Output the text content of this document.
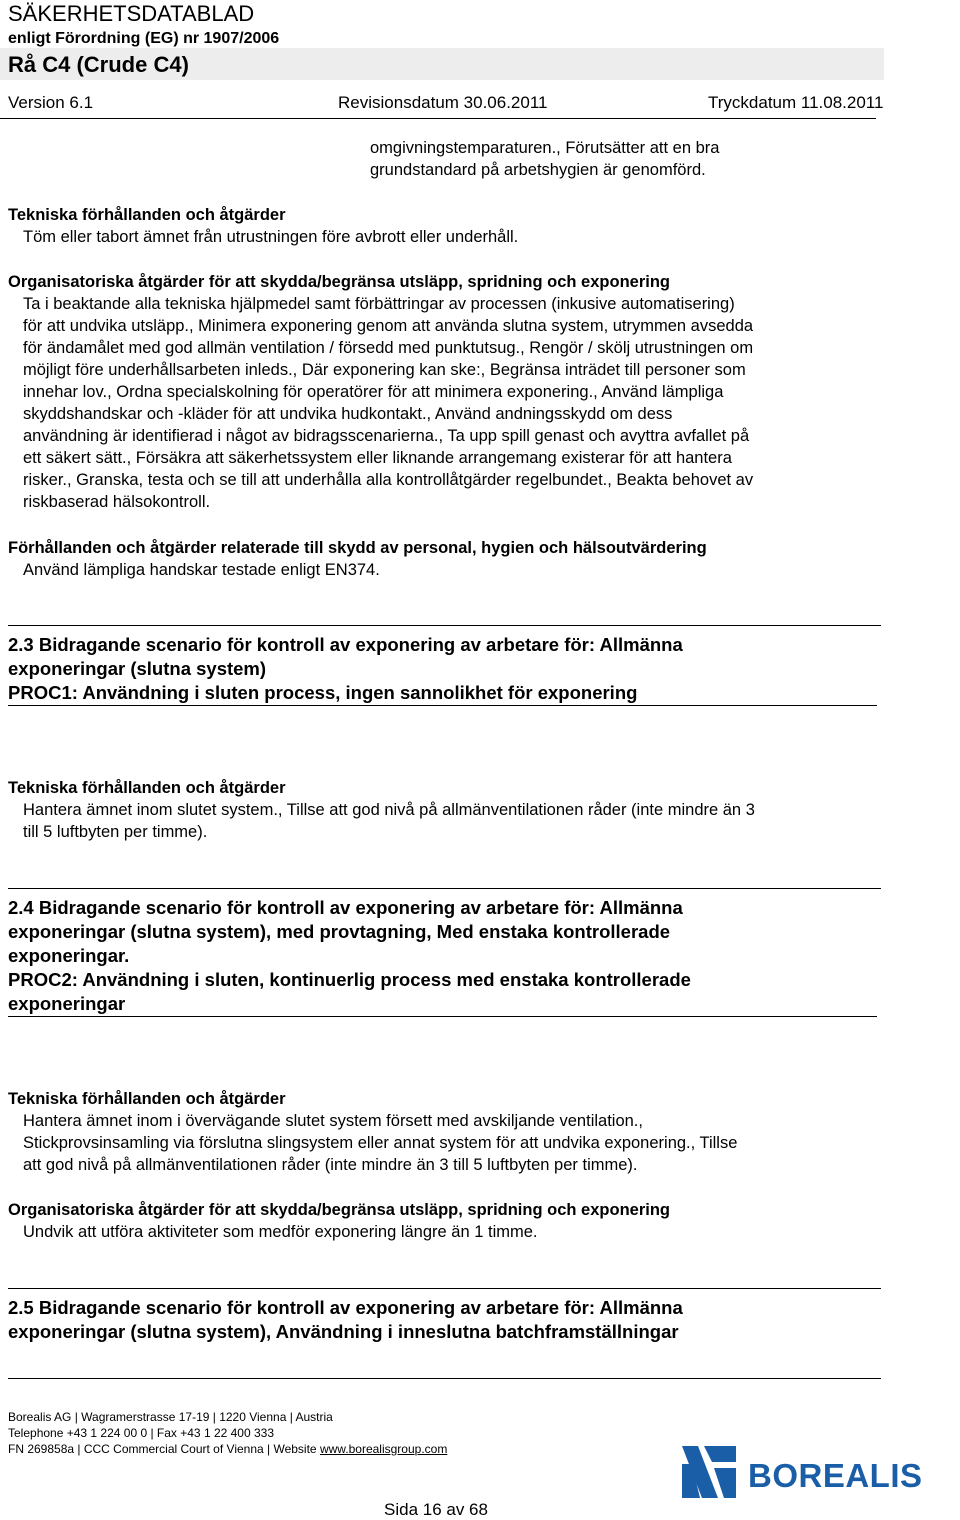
SÄKERHETSDATABLAD
enligt Förordning (EG) nr 1907/2006
Rå C4 (Crude C4)
Version 6.1	Revisionsdatum 30.06.2011	Tryckdatum 11.08.2011
omgivningstemparaturen., Förutsätter att en bra
grundstandard på arbetshygien är genomförd.
Tekniska förhållanden och åtgärder
Töm eller tabort ämnet från utrustningen före avbrott eller underhåll.
Organisatoriska åtgärder för att skydda/begränsa utsläpp, spridning och exponering
Ta i beaktande alla tekniska hjälpmedel samt förbättringar av processen (inkusive automatisering)
för att undvika utsläpp., Minimera exponering genom att använda slutna system, utrymmen avsedda
för ändamålet med god allmän ventilation / försedd med punktutsug., Rengör / skölj utrustningen om
möjligt före underhållsarbeten inleds., Där exponering kan ske:, Begränsa inträdet till personer som
innehar lov., Ordna specialskolning för operatörer för att minimera exponering., Använd lämpliga
skyddshandskar och -kläder för att undvika hudkontakt., Använd andningsskydd om dess
användning är identifierad i något av bidragsscenarierna., Ta upp spill genast och avyttra avfallet på
ett säkert sätt., Försäkra att säkerhetssystem eller liknande arrangemang existerar för att hantera
risker., Granska, testa och se till att underhålla alla kontrollåtgärder regelbundet., Beakta behovet av
riskbaserad hälsokontroll.
Förhållanden och åtgärder relaterade till skydd av personal, hygien och hälsoutvärdering
Använd lämpliga handskar testade enligt EN374.
2.3 Bidragande scenario för kontroll av exponering av arbetare för: Allmänna
exponeringar (slutna system)
PROC1: Användning i sluten process, ingen sannolikhet för exponering
Tekniska förhållanden och åtgärder
Hantera ämnet inom slutet system., Tillse att god nivå på allmänventilationen råder (inte mindre än 3
till 5 luftbyten per timme).
2.4 Bidragande scenario för kontroll av exponering av arbetare för: Allmänna
exponeringar (slutna system), med provtagning, Med enstaka kontrollerade
exponeringar.
PROC2: Användning i sluten, kontinuerlig process med enstaka kontrollerade
exponeringar
Tekniska förhållanden och åtgärder
Hantera ämnet inom i övervägande slutet system försett med avskiljande ventilation.,
Stickprovsinsamling via förslutna slingsystem eller annat system för att undvika exponering., Tillse
att god nivå på allmänventilationen råder (inte mindre än 3 till 5 luftbyten per timme).
Organisatoriska åtgärder för att skydda/begränsa utsläpp, spridning och exponering
Undvik att utföra aktiviteter som medför exponering längre än 1 timme.
2.5 Bidragande scenario för kontroll av exponering av arbetare för: Allmänna
exponeringar (slutna system), Användning i inneslutna batchframställningar
Borealis AG | Wagramerstrasse 17-19 | 1220 Vienna | Austria
Telephone +43 1 224 00 0 | Fax +43 1 22 400 333
FN 269858a | CCC Commercial Court of Vienna | Website www.borealisgroup.com
Sida 16 av 68
BOREALIS
